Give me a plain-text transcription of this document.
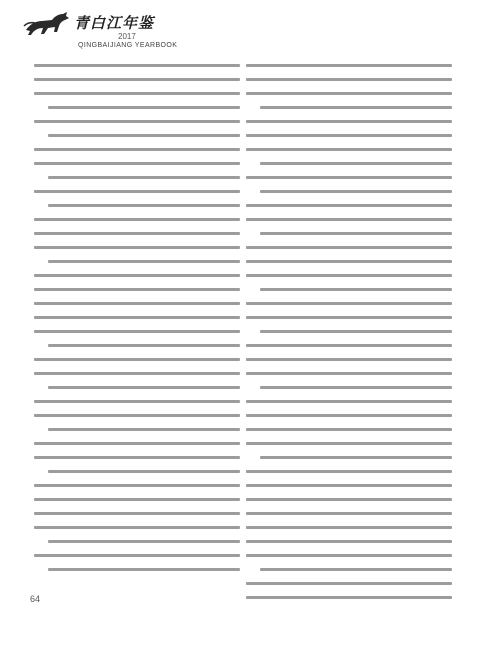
青白江年鉴
2017
QINGBAIJIANG YEARBOOK
64
